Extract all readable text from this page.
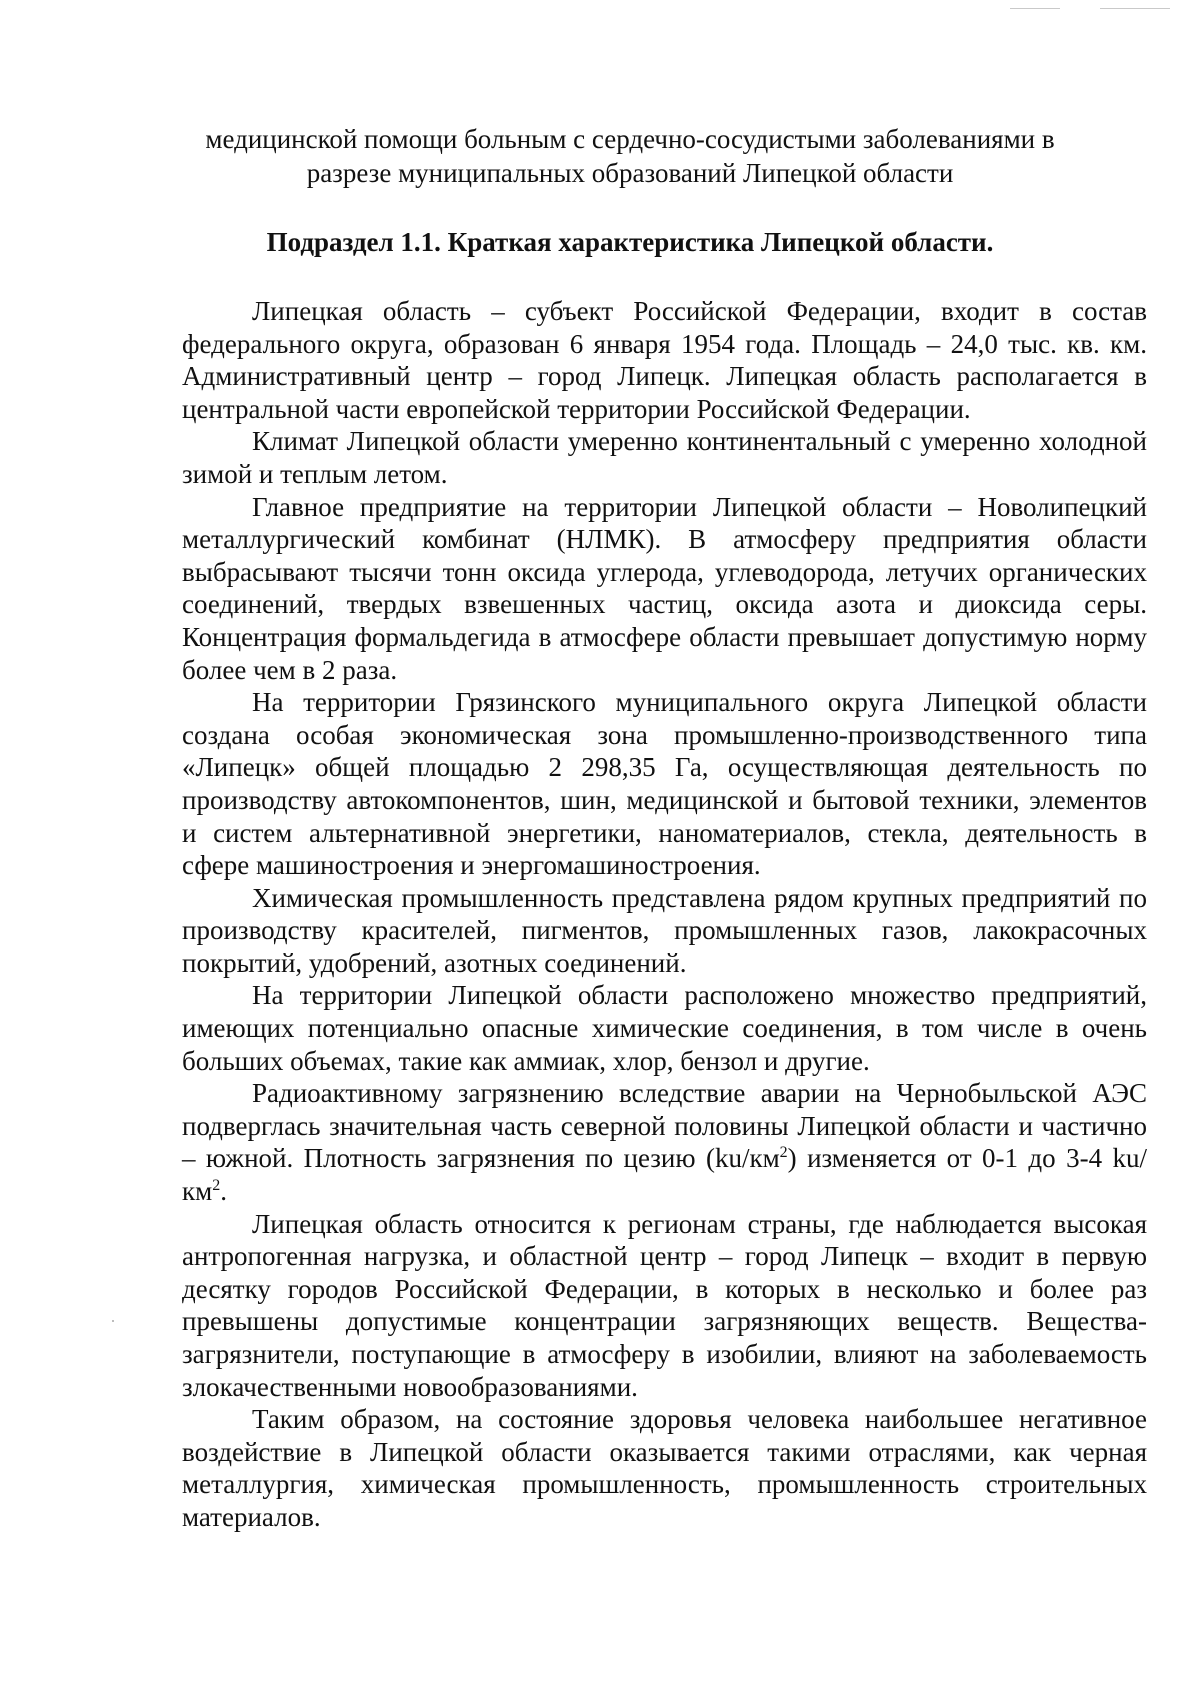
медицинской помощи больным с сердечно-сосудистыми заболеваниями в
разрезе муниципальных образований Липецкой области
Подраздел 1.1. Краткая характеристика Липецкой области.

Липецкая область – субъект Российской Федерации, входит в состав федерального округа, образован 6 января 1954 года. Площадь – 24,0 тыс. кв. км. Административный центр – город Липецк. Липецкая область располагается в центральной части европейской территории Российской Федерации.

Климат Липецкой области умеренно континентальный с умеренно холодной зимой и теплым летом.

Главное предприятие на территории Липецкой области – Новолипецкий металлургический комбинат (НЛМК). В атмосферу предприятия области выбрасывают тысячи тонн оксида углерода, углеводорода, летучих органических соединений, твердых взвешенных частиц, оксида азота и диоксида серы. Концентрация формальдегида в атмосфере области превышает допустимую норму более чем в 2 раза.

На территории Грязинского муниципального округа Липецкой области создана особая экономическая зона промышленно-производственного типа «Липецк» общей площадью 2 298,35 Га, осуществляющая деятельность по производству автокомпонентов, шин, медицинской и бытовой техники, элементов и систем альтернативной энергетики, наноматериалов, стекла, деятельность в сфере машиностроения и энергомашиностроения.

Химическая промышленность представлена рядом крупных предприятий по производству красителей, пигментов, промышленных газов, лакокрасочных покрытий, удобрений, азотных соединений.

На территории Липецкой области расположено множество предприятий, имеющих потенциально опасные химические соединения, в том числе в очень больших объемах, такие как аммиак, хлор, бензол и другие.

Радиоактивному загрязнению вследствие аварии на Чернобыльской АЭС подверглась значительная часть северной половины Липецкой области и частично – южной. Плотность загрязнения по цезию $(ku/км^2)$ изменяется от 0-1 до 3-4 $ku/км^2$.

Липецкая область относится к регионам страны, где наблюдается высокая антропогенная нагрузка, и областной центр – город Липецк – входит в первую десятку городов Российской Федерации, в которых в несколько и более раз превышены допустимые концентрации загрязняющих веществ. Вещества-загрязнители, поступающие в атмосферу в изобилии, влияют на заболеваемость злокачественными новообразованиями.

Таким образом, на состояние здоровья человека наибольшее негативное воздействие в Липецкой области оказывается такими отраслями, как черная металлургия, химическая промышленность, промышленность строительных материалов.
